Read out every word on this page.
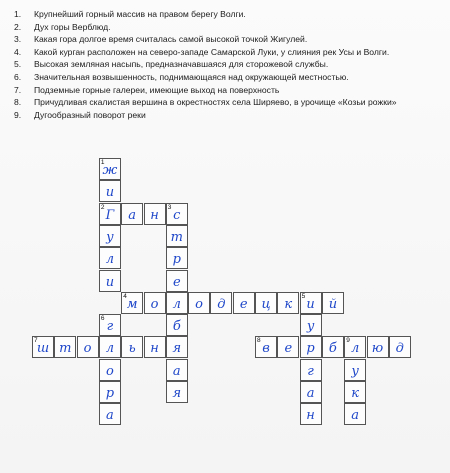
1.	Крупнейший горный массив на правом берегу Волги.
2.	Дух горы Верблюд.
3.	Какая гора долгое время считалась самой высокой точкой Жигулей.
4.	Какой курган расположен на северо-западе Самарской Луки, у слияния рек Усы и Волги.
5.	Высокая земляная насыпь, предназначавшаяся для сторожевой службы.
6.	Значительная возвышенность, поднимающаяся над окружающей местностью.
7.	Подземные горные галереи, имеющие выход на поверхность
8.	Причудливая скалистая вершина в окрестностях села Ширяево, в урочище «Козьи рожки»
9.	Дугообразный поворот реки
1
ж
и
2
Г	а	н
3
с
у	т
л	р
и	е
4
м	о	л	о	д	е	ц	к
5
и	й
6
г	б	у
7
ш т о	л	ь	н	я
8
в	е	р	б
9
л ю д
о	а	г	у
р	я	а	к
а	н	а
